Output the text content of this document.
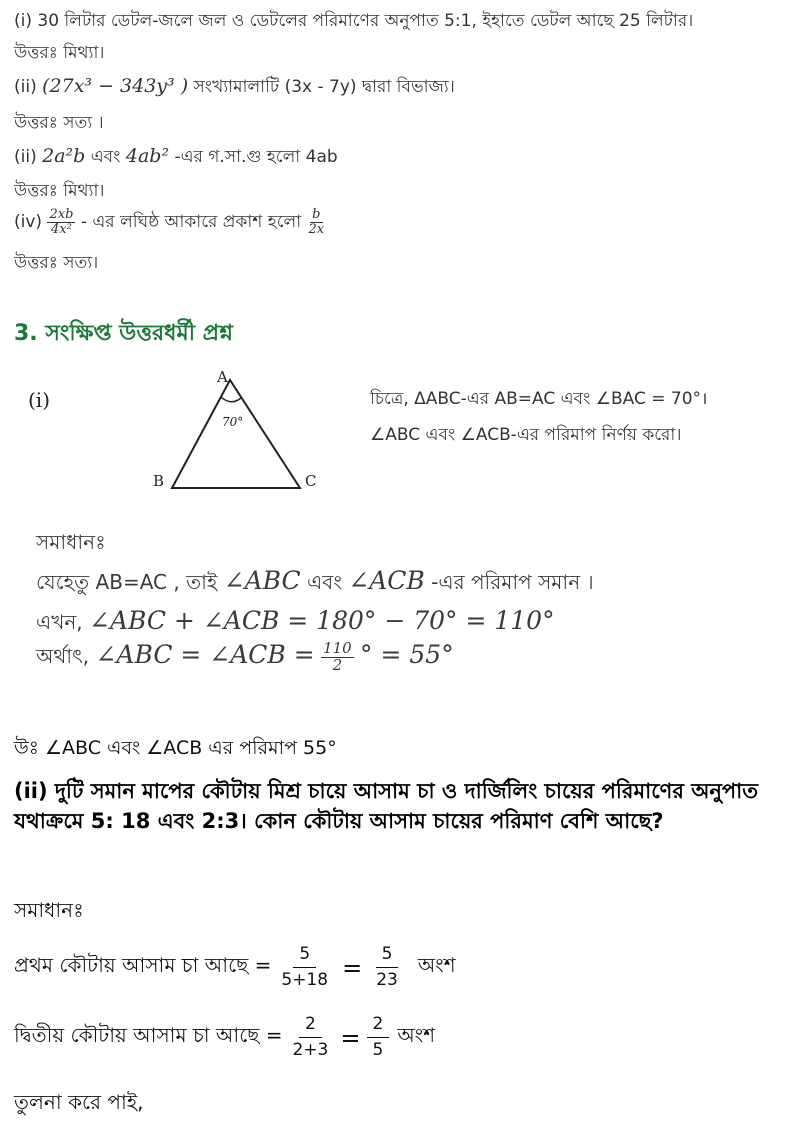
(i) 30 লিটার ডেটল-জলে জল ও ডেটলের পরিমাণের অনুপাত 5:1, ইহাতে ডেটল আছে 25 লিটার।
উত্তরঃ মিথ্যা।
(ii) (27x³ − 343y³ ) সংখ্যামালাটি (3x - 7y) দ্বারা বিভাজ্য।
উত্তরঃ সত্য ।
(ii) 2a²b এবং 4ab² -এর গ.সা.গু হলো 4ab
উত্তরঃ মিথ্যা।
$(iv) \frac{2xb}{\text{4x²}}$ - এর লঘিষ্ঠ আকারে প্রকাশ হলো $\frac{b}{2x}$
উত্তরঃ সত্য।
3. সংক্ষিপ্ত উত্তরধর্মী প্রশ্ন
(i)
A
B	C
70°
চিত্রে, ΔABC-এর AB=AC এবং ∠BAC = 70°।
∠ABC এবং ∠ACB-এর পরিমাপ নির্ণয় করো।
সমাধানঃ
যেহেতু AB=AC , তাই ∠ABC এবং ∠ACB -এর পরিমাপ সমান ।
এখন, ∠ABC + ∠ACB = 180° − 70° = 110°
অর্থাৎ, ∠ABC = ∠ACB = $\frac{110}{2}$ ° = 55°
উঃ ∠ABC এবং ∠ACB এর পরিমাপ 55°
(ii) দুটি সমান মাপের কৌটায় মিশ্র চায়ে আসাম চা ও দার্জিলিং চায়ের পরিমাণের অনুপাত যথাক্রমে 5: 18 এবং 2:3। কোন কৌটায় আসাম চায়ের পরিমাণ বেশি আছে?
সমাধানঃ
প্রথম কৌটায় আসাম চা আছে = $\frac{5}{5+18} = \frac{5}{23}$ অংশ
দ্বিতীয় কৌটায় আসাম চা আছে = $\frac{2}{2+3} = \frac{2}{5}$ অংশ
তুলনা করে পাই,
